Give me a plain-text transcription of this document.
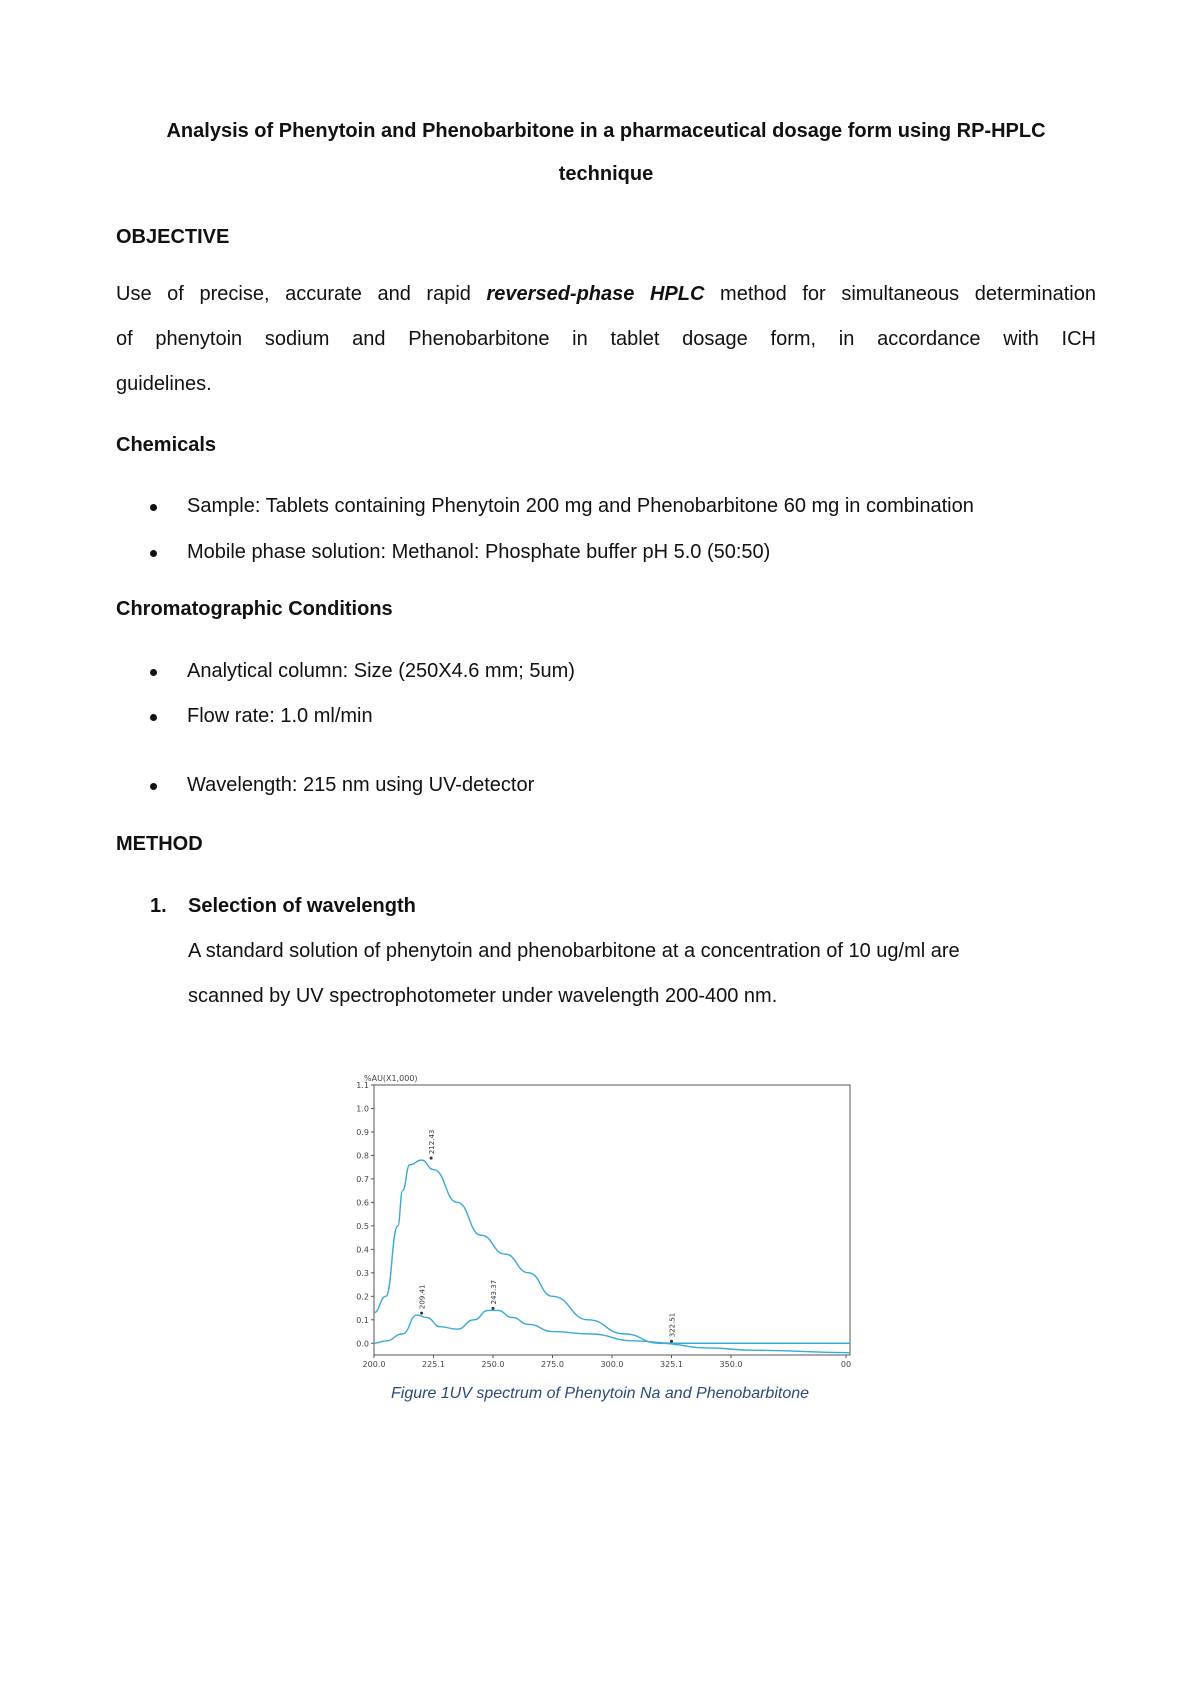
Analysis of Phenytoin and Phenobarbitone in a pharmaceutical dosage form using RP-HPLC
technique
OBJECTIVE
Use of precise, accurate and rapid reversed-phase HPLC method for simultaneous determination
of phenytoin sodium and Phenobarbitone in tablet dosage form, in accordance with ICH
guidelines.
Chemicals
Sample: Tablets containing Phenytoin 200 mg and Phenobarbitone 60 mg in combination
Mobile phase solution: Methanol: Phosphate buffer pH 5.0 (50:50)
Chromatographic Conditions
Analytical column: Size (250X4.6 mm; 5um)
Flow rate: 1.0 ml/min
Wavelength: 215 nm using UV-detector
METHOD
1. Selection of wavelength
A standard solution of phenytoin and phenobarbitone at a concentration of 10 ug/ml are
scanned by UV spectrophotometer under wavelength 200-400 nm.
%AU(X1,000)
1.1
1.0
0.9
0.8
0.7
0.6
0.5
0.4
0.3
0.2
0.1
0.0
200.0	225.1	250.0	275.0	300.0	325.1	350.0	00
212.43
209.41	243.37
322.51
Figure 1UV spectrum of Phenytoin Na and Phenobarbitone
